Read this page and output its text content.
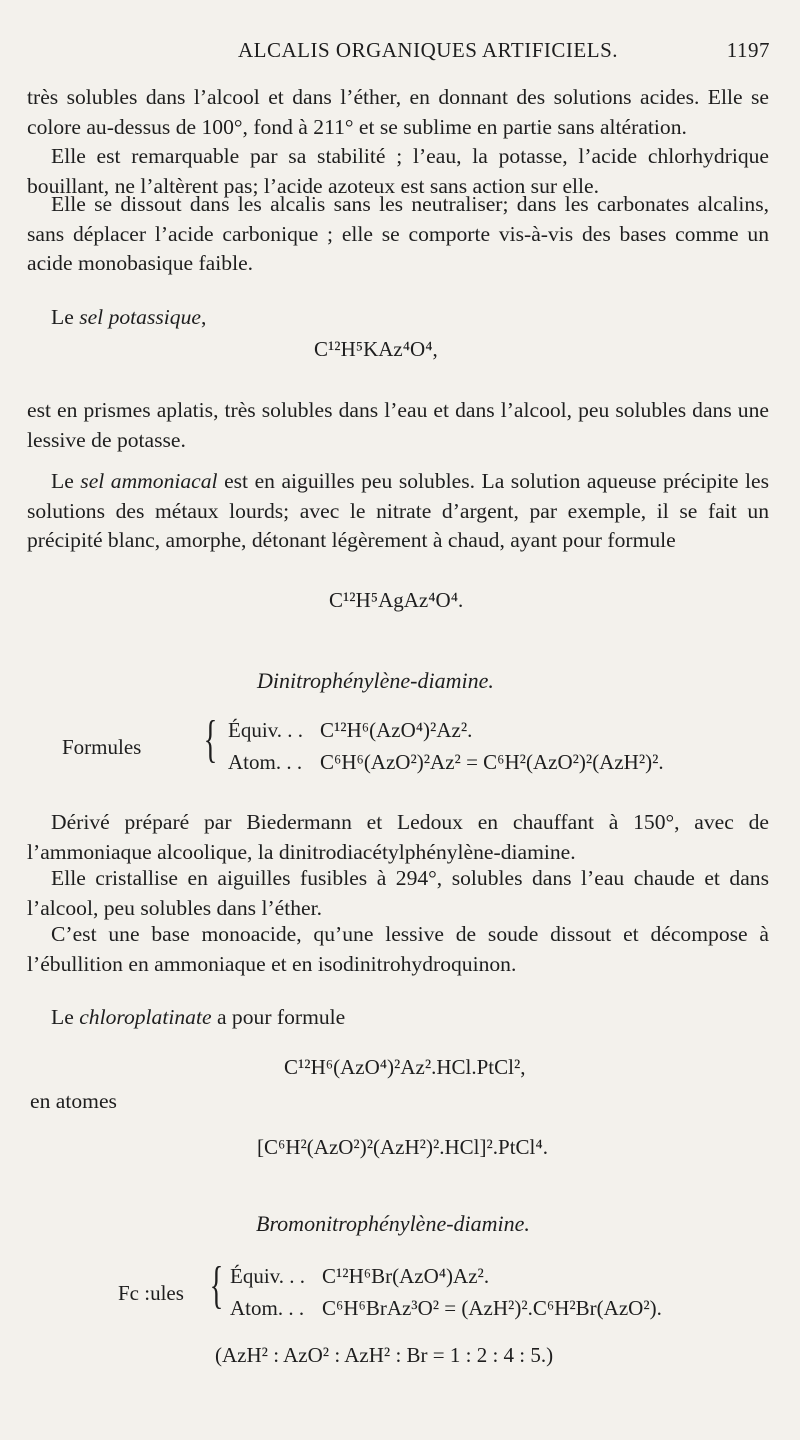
ALCALIS ORGANIQUES ARTIFICIELS.	1197

très solubles dans l’alcool et dans l’éther, en donnant des solutions acides. Elle se colore au-dessus de 100°, fond à 211° et se sublime en partie sans altération.

Elle est remarquable par sa stabilité ; l’eau, la potasse, l’acide chlorhydrique bouillant, ne l’altèrent pas; l’acide azoteux est sans action sur elle.

Elle se dissout dans les alcalis sans les neutraliser; dans les carbonates alcalins, sans déplacer l’acide carbonique ; elle se comporte vis-à-vis des bases comme un acide monobasique faible.

Le sel potassique,

C¹²H⁵KAz⁴O⁴,

est en prismes aplatis, très solubles dans l’eau et dans l’alcool, peu solubles dans une lessive de potasse.

Le sel ammoniacal est en aiguilles peu solubles. La solution aqueuse précipite les solutions des métaux lourds; avec le nitrate d’argent, par exemple, il se fait un précipité blanc, amorphe, détonant légèrement à chaud, ayant pour formule

C¹²H⁵AgAz⁴O⁴.
Dinitrophénylène-diamine.
Formules { Équiv. . . C¹²H⁶(AzO⁴)²Az².
Atom. . . C⁶H⁶(AzO²)²Az² = C⁶H²(AzO²)²(AzH²)².

Dérivé préparé par Biedermann et Ledoux en chauffant à 150°, avec de l’ammoniaque alcoolique, la dinitrodiacétylphénylène-diamine.

Elle cristallise en aiguilles fusibles à 294°, solubles dans l’eau chaude et dans l’alcool, peu solubles dans l’éther.

C’est une base monoacide, qu’une lessive de soude dissout et décompose à l’ébullition en ammoniaque et en isodinitrohydroquinon.

Le chloroplatinate a pour formule

C¹²H⁶(AzO⁴)²Az².HCl.PtCl²,
en atomes
[C⁶H²(AzO²)²(AzH²)².HCl]².PtCl⁴.
Bromonitrophénylène-diamine.
Fc :ules { Équiv. . . C¹²H⁶Br(AzO⁴)Az².
Atom. . . C⁶H⁶BrAz³O² = (AzH²)².C⁶H²Br(AzO²).
(AzH² : AzO² : AzH² : Br = 1 : 2 : 4 : 5.)
